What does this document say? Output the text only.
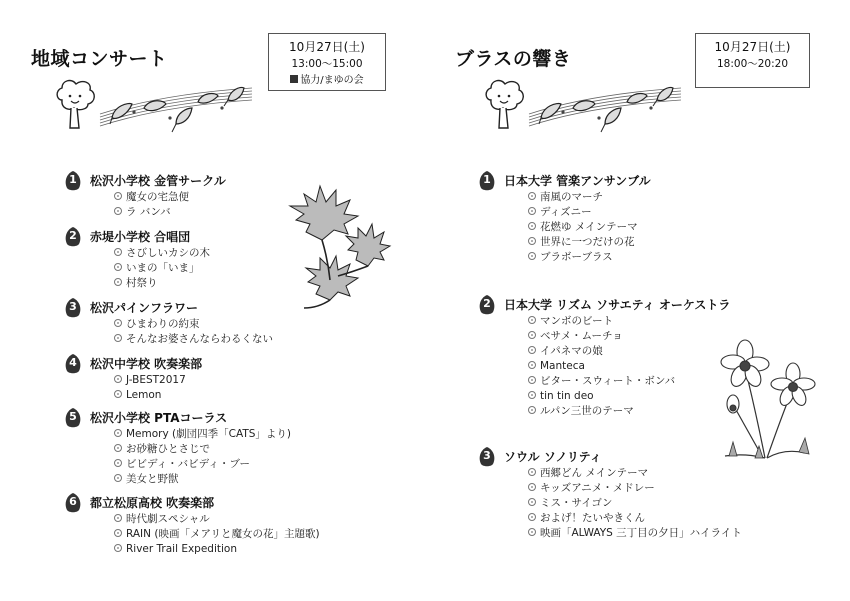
地域コンサート
10月27日(土)
13:00〜15:00
協力/まゆの会
1	松沢小学校 金管サークル
魔女の宅急便
ラ バンバ
2	赤堤小学校 合唱団
さびしいカシの木
いまの「いま」
村祭り
3	松沢パインフラワー
ひまわりの約束
そんなお婆さんならわるくない
4	松沢中学校 吹奏楽部
J-BEST2017
Lemon
5	松沢小学校 PTAコーラス
Memory (劇団四季「CATS」より)
お砂糖ひとさじで
ビビディ・バビディ・ブー
美女と野獣
6	都立松原高校 吹奏楽部
時代劇スペシャル
RAIN (映画「メアリと魔女の花」主題歌)
River Trail Expedition
ブラスの響き
10月27日(土)
18:00〜20:20
1	日本大学 管楽アンサンブル
南風のマーチ
ディズニー
花燃ゆ メインテーマ
世界に一つだけの花
ブラボーブラス
2	日本大学 リズム ソサエティ オーケストラ
マンボのビート
ベサメ・ムーチョ
イパネマの娘
Manteca
ビター・スウィート・ボンバ
tin tin deo
ルパン三世のテーマ
3	ソウル ソノリティ
西郷どん メインテーマ
キッズアニメ・メドレー
ミス・サイゴン
およげ！たいやきくん
映画「ALWAYS 三丁目の夕日」ハイライト
